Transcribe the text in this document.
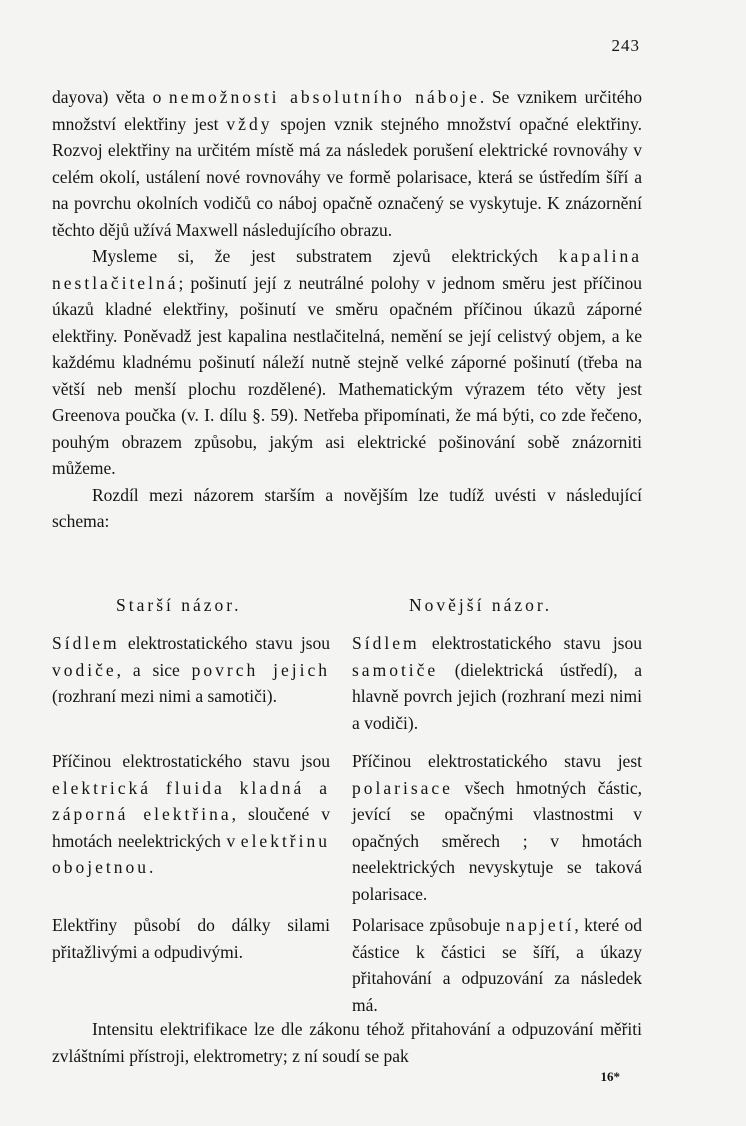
243

dayova) věta o nemožnosti absolutního náboje. Se vznikem určitého množství elektřiny jest vždy spojen vznik stejného množství opačné elektřiny. Rozvoj elektřiny na určitém místě má za následek porušení elektrické rovnováhy v celém okolí, ustálení nové rovnováhy ve formě polarisace, která se ústředím šíří a na povrchu okolních vodičů co náboj opačně označený se vyskytuje. K znázornění těchto dějů užívá Maxwell následujícího obrazu.

Mysleme si, že jest substratem zjevů elektrických kapalina nestlačitelná; pošinutí její z neutrálné polohy v jednom směru jest příčinou úkazů kladné elektřiny, pošinutí ve směru opačném příčinou úkazů záporné elektřiny. Poněvadž jest kapalina nestlačitelná, nemění se její celistvý objem, a ke každému kladnému pošinutí náleží nutně stejně velké záporné pošinutí (třeba na větší neb menší plochu rozdělené). Mathematickým výrazem této věty jest Greenova poučka (v. I. dílu §. 59). Netřeba připomínati, že má býti, co zde řečeno, pouhým obrazem způsobu, jakým asi elektrické pošinování sobě znázorniti můžeme.

Rozdíl mezi názorem starším a novějším lze tudíž uvésti v následující schema:

Starší názor.	Novější názor.
Sídlem elektrostatického stavu jsou vodiče, a sice povrch jejich (rozhraní mezi nimi a samotiči).
Sídlem elektrostatického stavu jsou samotiče (dielektrická ústředí), a hlavně povrch jejich (rozhraní mezi nimi a vodiči).
Příčinou elektrostatického stavu jsou elektrická fluida kladná a záporná elektřina, sloučené v hmotách neelektrických v elektřinu obojetnou.
Příčinou elektrostatického stavu jest polarisace všech hmotných částic, jevící se opačnými vlastnostmi v opačných směrech ; v hmotách neelektrických nevyskytuje se taková polarisace.
Elektřiny působí do dálky silami přitažlivými a odpudivými.
Polarisace způsobuje napjetí, které od částice k částici se šíří, a úkazy přitahování a odpuzování za následek má.

Intensitu elektrifikace lze dle zákonu téhož přitahování a odpuzování měřiti zvláštními přístroji, elektrometry; z ní soudí se pak

16*
